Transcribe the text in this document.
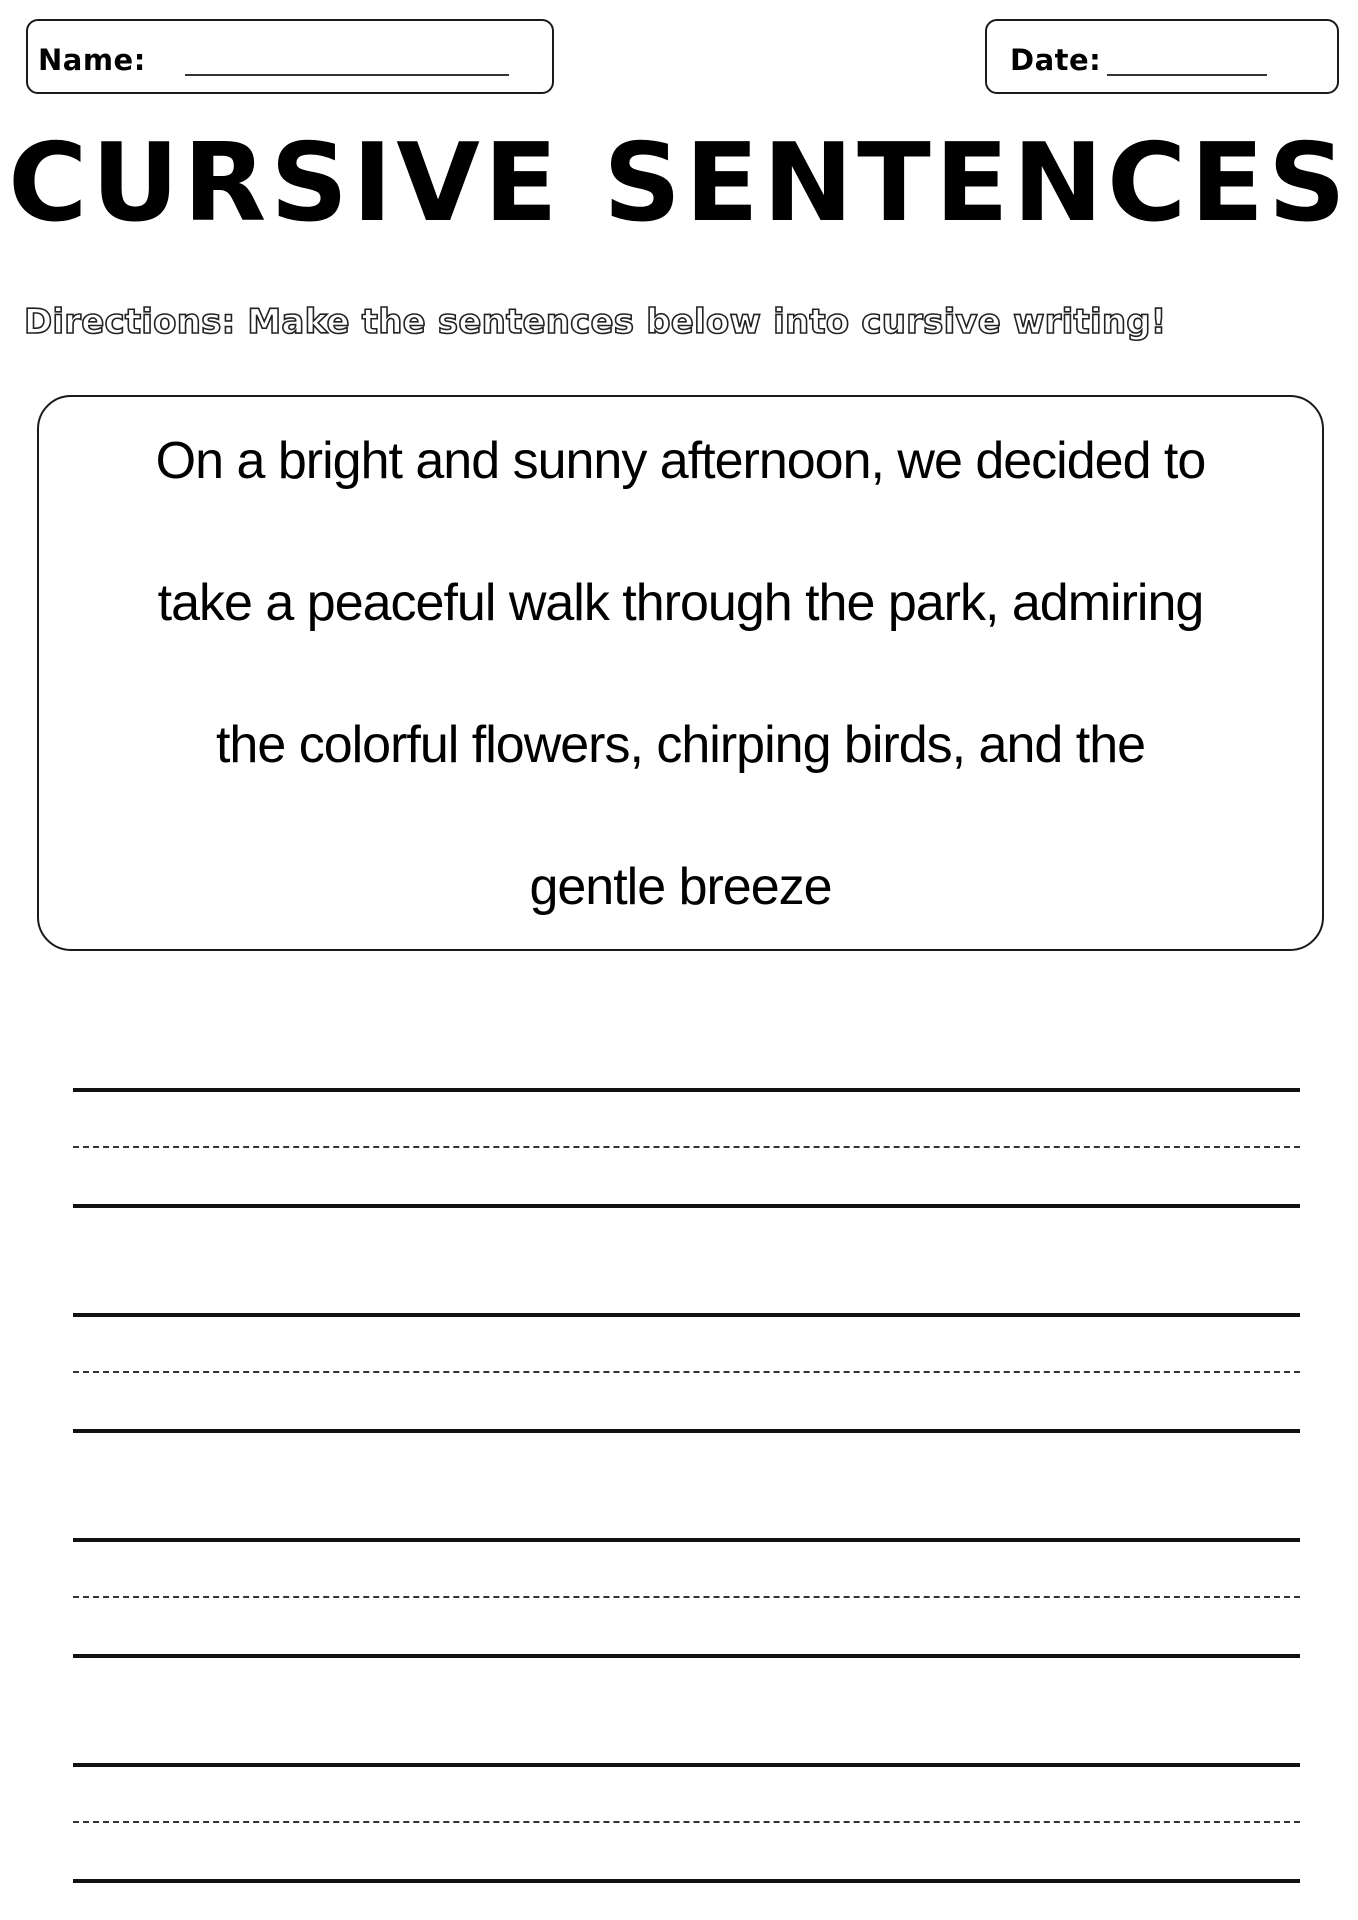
Name:	Date:
CURSIVE SENTENCES
Directions: Make the sentences below into cursive writing!
On a bright and sunny afternoon, we decided to
take a peaceful walk through the park, admiring
the colorful flowers, chirping birds, and the
gentle breeze
